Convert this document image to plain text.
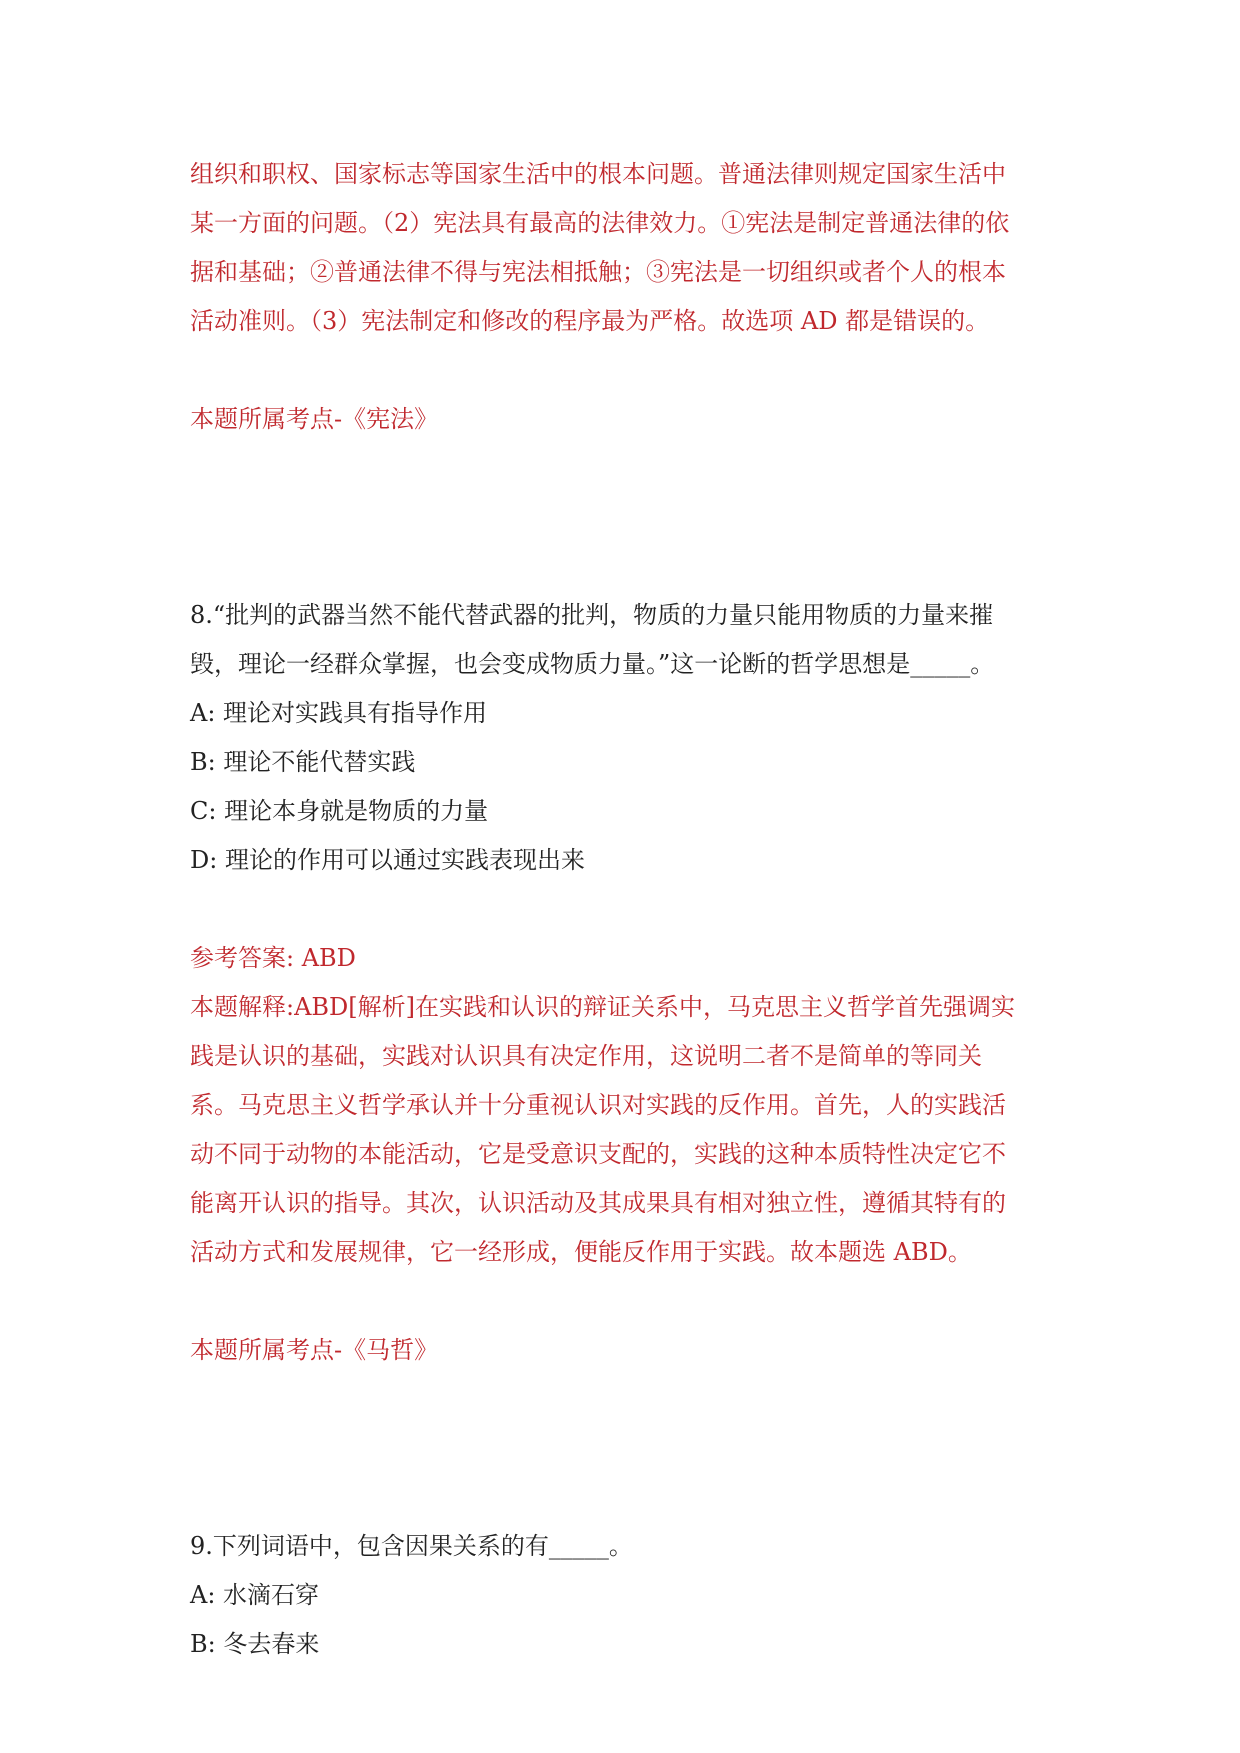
组织和职权、国家标志等国家生活中的根本问题。普通法律则规定国家生活中
某一方面的问题。（2）宪法具有最高的法律效力。①宪法是制定普通法律的依
据和基础；②普通法律不得与宪法相抵触；③宪法是一切组织或者个人的根本
活动准则。（3）宪法制定和修改的程序最为严格。故选项 AD 都是错误的。
本题所属考点-《宪法》
8.“批判的武器当然不能代替武器的批判，物质的力量只能用物质的力量来摧
毁，理论一经群众掌握，也会变成物质力量。”这一论断的哲学思想是_____。
A: 理论对实践具有指导作用
B: 理论不能代替实践
C: 理论本身就是物质的力量
D: 理论的作用可以通过实践表现出来
参考答案: ABD
本题解释:ABD[解析]在实践和认识的辩证关系中，马克思主义哲学首先强调实
践是认识的基础，实践对认识具有决定作用，这说明二者不是简单的等同关
系。马克思主义哲学承认并十分重视认识对实践的反作用。首先，人的实践活
动不同于动物的本能活动，它是受意识支配的，实践的这种本质特性决定它不
能离开认识的指导。其次，认识活动及其成果具有相对独立性，遵循其特有的
活动方式和发展规律，它一经形成，便能反作用于实践。故本题选 ABD。
本题所属考点-《马哲》
9.下列词语中，包含因果关系的有_____。
A: 水滴石穿
B: 冬去春来
